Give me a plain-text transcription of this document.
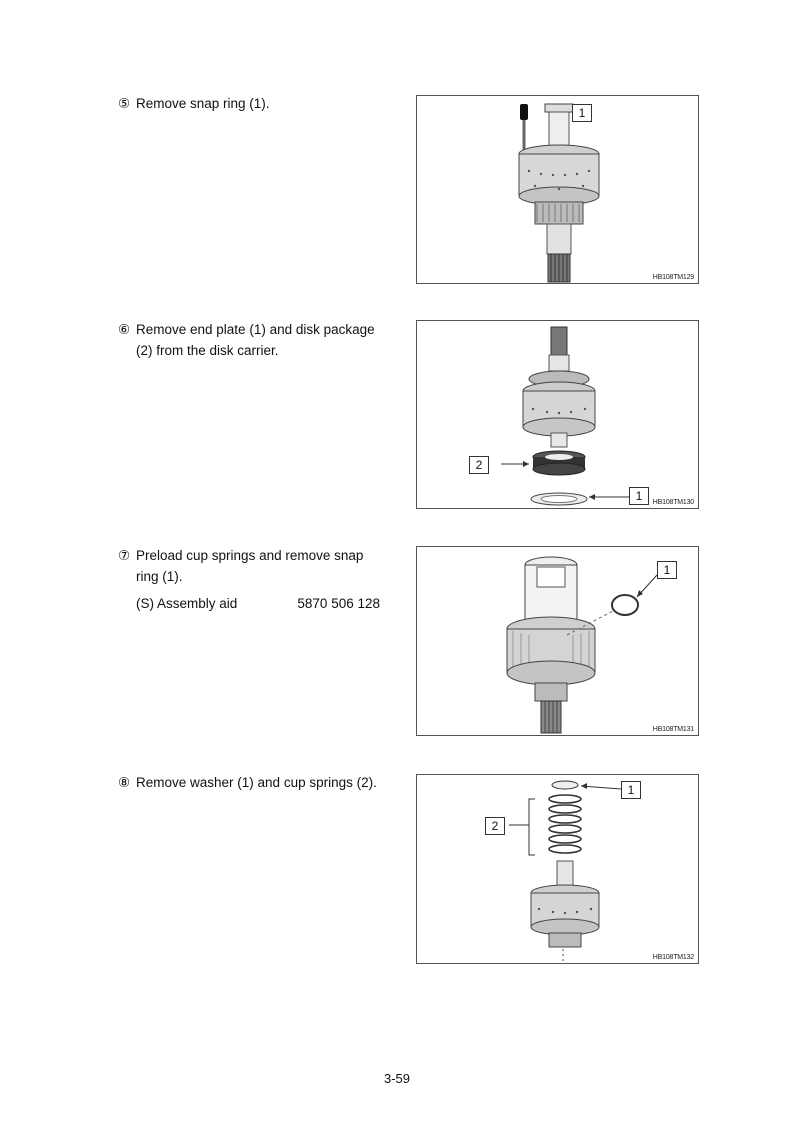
⑤ Remove snap ring (1).
1
HB108TM129
⑥ Remove end plate (1) and disk package
(2) from the disk carrier.
2
1	HB108TM130
⑦ Preload cup springs and remove snap
ring (1).
(S) Assembly aid	5870 506 128
1
HB108TM131
⑧ Remove washer (1) and cup springs (2).	1
2
HB108TM132
3-59
